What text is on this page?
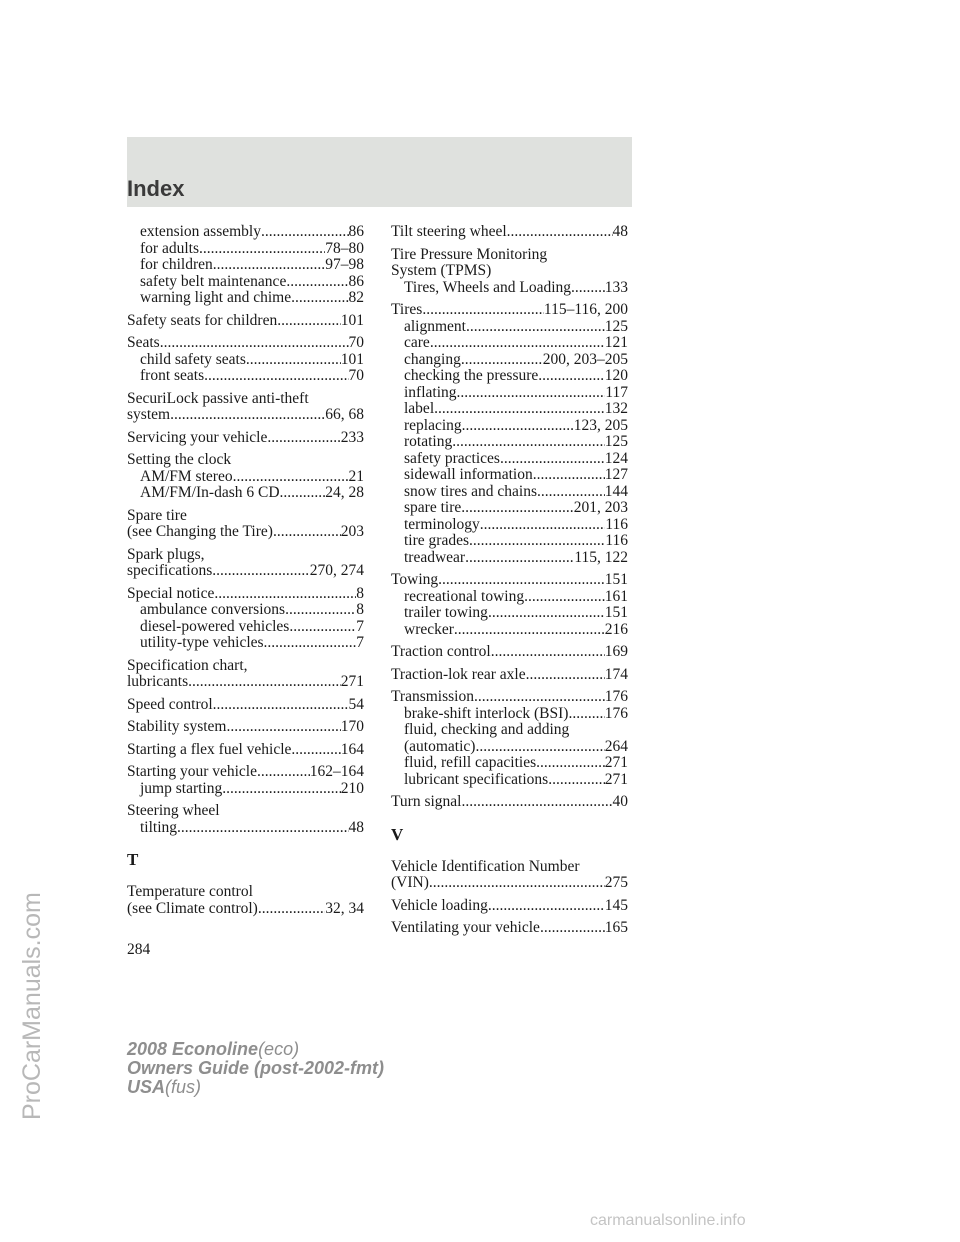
Index
extension assembly .....	86
for adults .....	78–80
for children .....	97–98
safety belt maintenance .....	86
warning light and chime .....	82
Safety seats for children .....	101
Seats .....	70
child safety seats .....	101
front seats .....	70
SecuriLock passive anti-theft
system .....	66, 68
Servicing your vehicle .....	233
Setting the clock
AM/FM stereo .....	21
AM/FM/In-dash 6 CD .....	24, 28
Spare tire
(see Changing the Tire) .....	203
Spark plugs,
specifications .....	270, 274
Special notice .....	8
ambulance conversions .....	8
diesel-powered vehicles .....	7
utility-type vehicles .....	7
Specification chart,
lubricants .....	271
Speed control .....	54
Stability system .....	170
Starting a flex fuel vehicle .....	164
Starting your vehicle .....	162–164
jump starting .....	210
Steering wheel
tilting .....	48
T
Temperature control
(see Climate control) .....	32, 34
Tilt steering wheel .....	48
Tire Pressure Monitoring
System (TPMS)
Tires, Wheels and Loading ..... 133
Tires .....	115–116, 200
alignment .....	125
care .....	121
changing .....	200, 203–205
checking the pressure .....	120
inflating .....	117
label .....	132
replacing .....	123, 205
rotating .....	125
safety practices .....	124
sidewall information .....	127
snow tires and chains .....	144
spare tire .....	201, 203
terminology .....	116
tire grades .....	116
treadwear .....	115, 122
Towing .....	151
recreational towing .....	161
trailer towing .....	151
wrecker .....	216
Traction control .....	169
Traction-lok rear axle .....	174
Transmission .....	176
brake-shift interlock (BSI) ..... 176
fluid, checking and adding
(automatic) .....	264
fluid, refill capacities .....	271
lubricant specifications .....	271
Turn signal .....	40
V
Vehicle Identification Number
(VIN) .....	275
Vehicle loading .....	145
Ventilating your vehicle .....	165
284
2008 Econoline(eco)
Owners Guide (post-2002-fmt)
USA(fus)
ProCarManuals.com
carmanualsonline.info
